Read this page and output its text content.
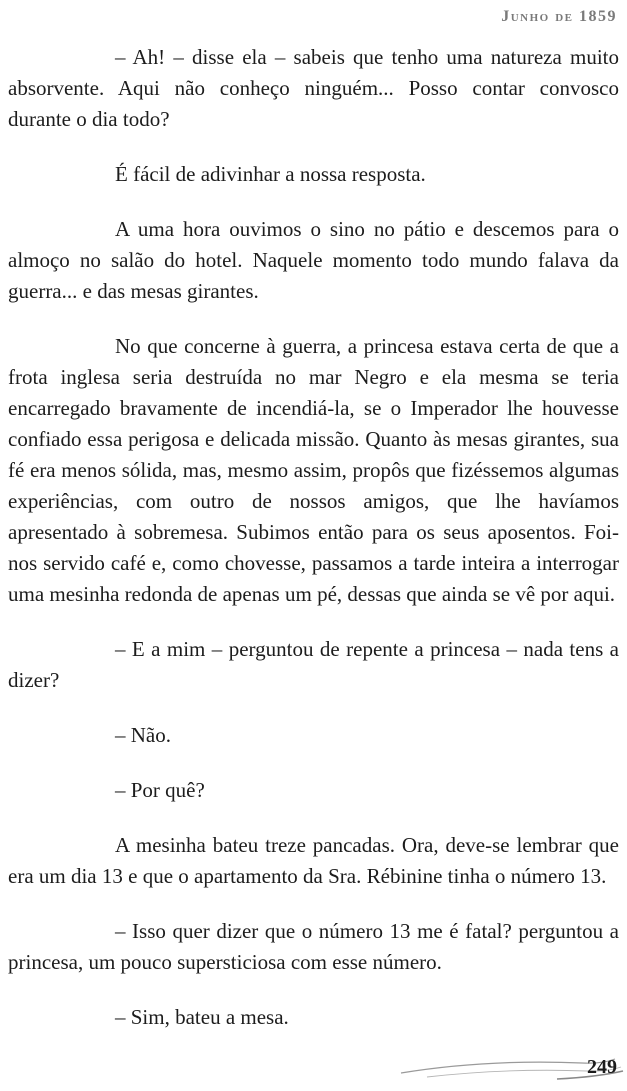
Junho de 1859

– Ah! – disse ela – sabeis que tenho uma natureza muito absorvente. Aqui não conheço ninguém... Posso contar convosco durante o dia todo?

É fácil de adivinhar a nossa resposta.

A uma hora ouvimos o sino no pátio e descemos para o almoço no salão do hotel. Naquele momento todo mundo falava da guerra... e das mesas girantes.

No que concerne à guerra, a princesa estava certa de que a frota inglesa seria destruída no mar Negro e ela mesma se teria encarregado bravamente de incendiá-la, se o Imperador lhe houvesse confiado essa perigosa e delicada missão. Quanto às mesas girantes, sua fé era menos sólida, mas, mesmo assim, propôs que fizéssemos algumas experiências, com outro de nossos amigos, que lhe havíamos apresentado à sobremesa. Subimos então para os seus aposentos. Foi-nos servido café e, como chovesse, passamos a tarde inteira a interrogar uma mesinha redonda de apenas um pé, dessas que ainda se vê por aqui.

– E a mim – perguntou de repente a princesa – nada tens a dizer?

– Não.

– Por quê?

A mesinha bateu treze pancadas. Ora, deve-se lembrar que era um dia 13 e que o apartamento da Sra. Rébinine tinha o número 13.

– Isso quer dizer que o número 13 me é fatal? perguntou a princesa, um pouco supersticiosa com esse número.

– Sim, bateu a mesa.

249
